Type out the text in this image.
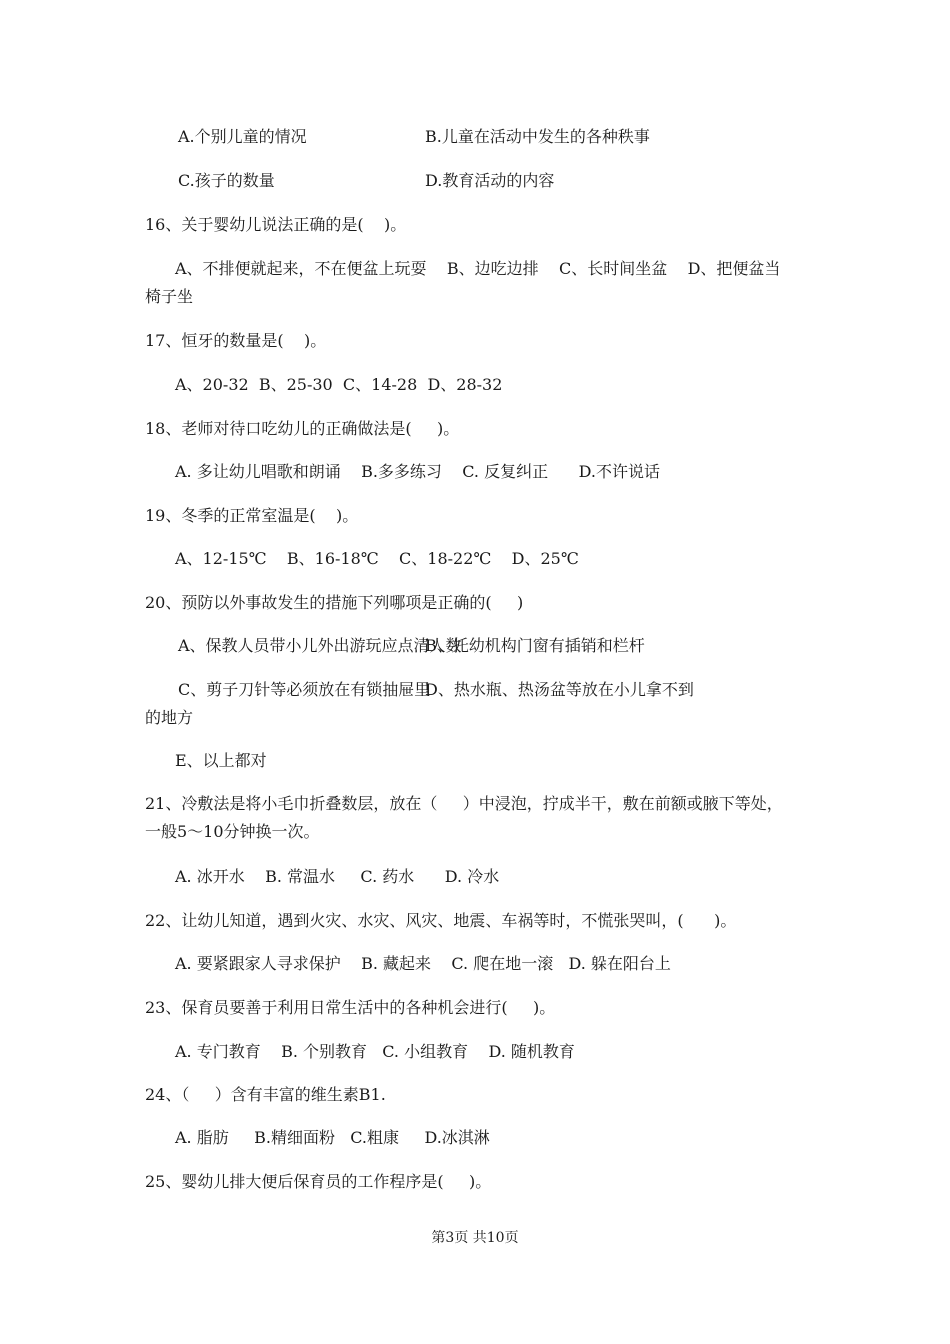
A.个别儿童的情况	B.儿童在活动中发生的各种秩事
C.孩子的数量	D.教育活动的内容
16、关于婴幼儿说法正确的是(    )。
A、不排便就起来，不在便盆上玩耍    B、边吃边排    C、长时间坐盆    D、把便盆当
椅子坐
17、恒牙的数量是(    )。
A、20-32  B、25-30  C、14-28  D、28-32
18、老师对待口吃幼儿的正确做法是(     )。
A. 多让幼儿唱歌和朗诵    B.多多练习    C. 反复纠正      D.不许说话
19、冬季的正常室温是(    )。
A、12-15℃    B、16-18℃    C、18-22℃    D、25℃
20、预防以外事故发生的措施下列哪项是正确的(     )
A、保教人员带小儿外出游玩应点清人数
B、托幼机构门窗有插销和栏杆
C、剪子刀针等必须放在有锁抽屉里
D、热水瓶、热汤盆等放在小儿拿不到
的地方
E、以上都对
21、冷敷法是将小毛巾折叠数层，放在（     ）中浸泡，拧成半干，敷在前额或腋下等处，
一般5～10分钟换一次。
A. 冰开水    B. 常温水     C. 药水      D. 冷水
22、让幼儿知道，遇到火灾、水灾、风灾、地震、车祸等时，不慌张哭叫，(      )。
A. 要紧跟家人寻求保护    B. 藏起来    C. 爬在地一滚   D. 躲在阳台上
23、保育员要善于利用日常生活中的各种机会进行(     )。
A. 专门教育    B. 个别教育   C. 小组教育    D. 随机教育
24、（     ）含有丰富的维生素B1.
A. 脂肪     B.精细面粉   C.粗康     D.冰淇淋
25、婴幼儿排大便后保育员的工作程序是(     )。
第3页 共10页
